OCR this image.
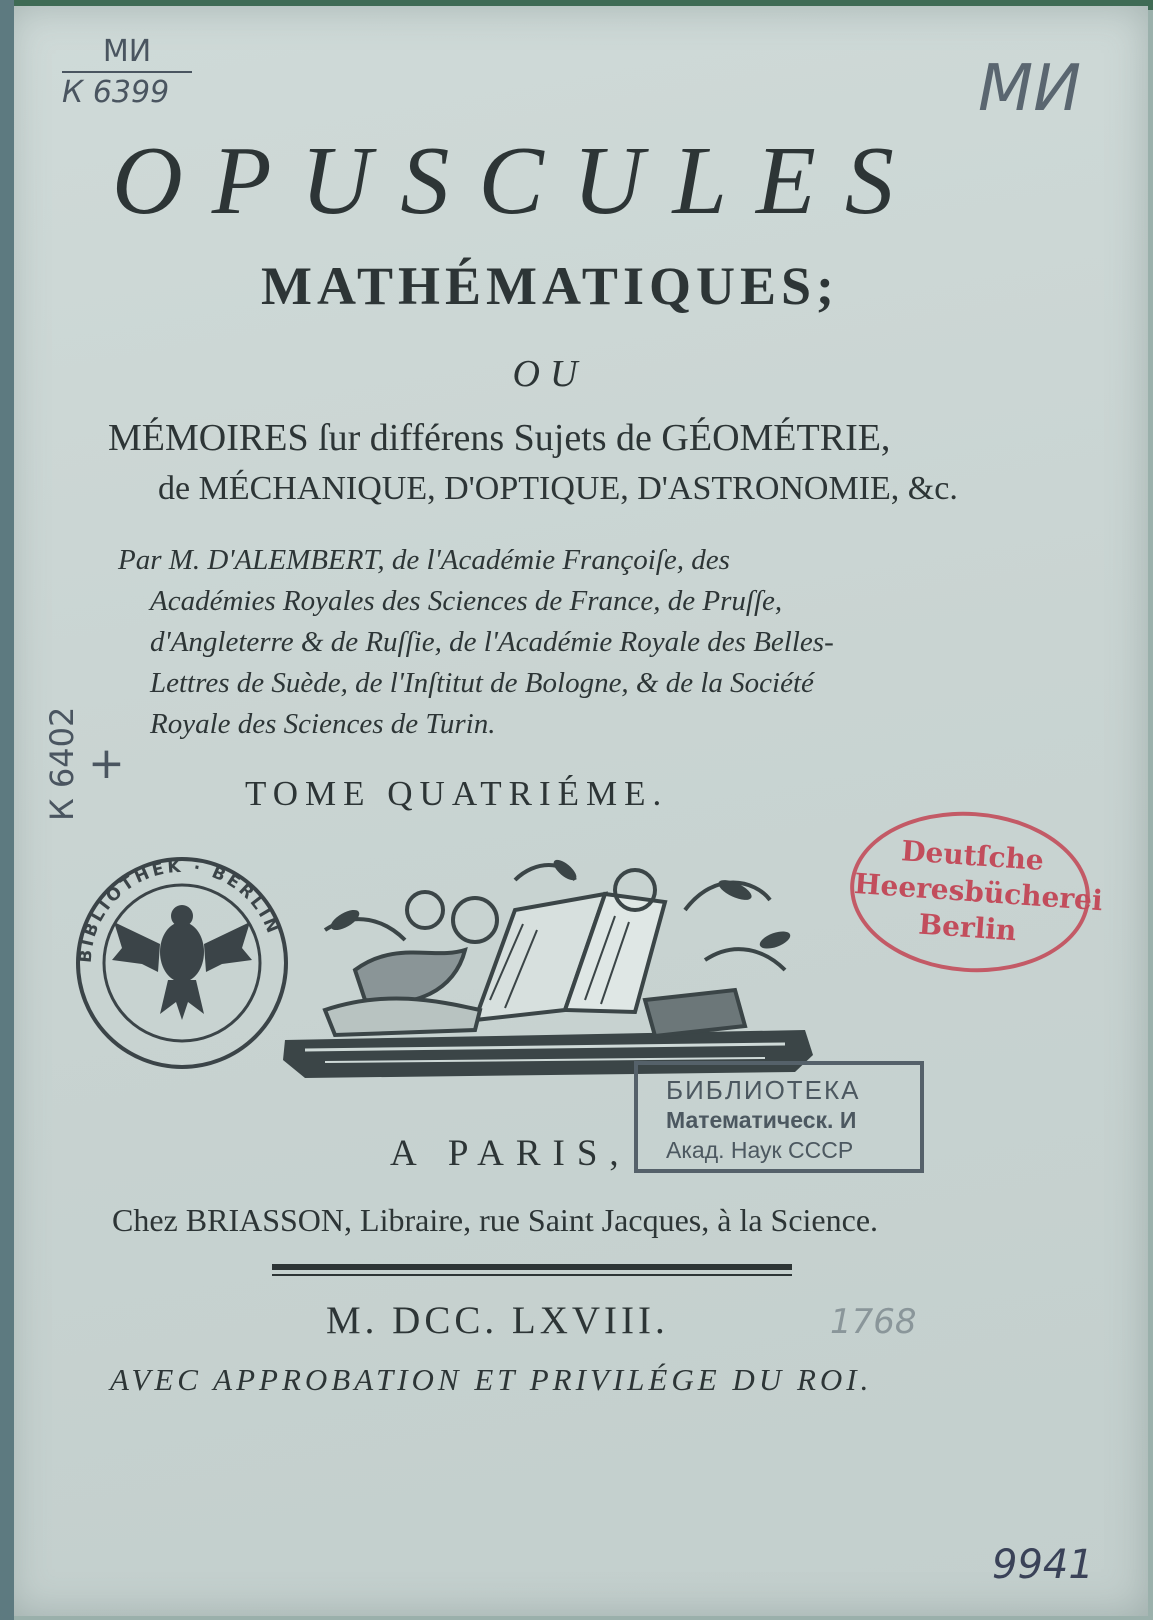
МИ
К 6399	МИ
К 6402 +
1768
9941
OPUSCULES
MATHÉMATIQUES;
OU
MÉMOIRES ſur différens Sujets de GÉOMÉTRIE,
de MÉCHANIQUE, D'OPTIQUE, D'ASTRONOMIE, &c.
Par M. D'ALEMBERT, de l'Académie Françoiſe, des
Académies Royales des Sciences de France, de Pruſſe,
d'Angleterre & de Ruſſie, de l'Académie Royale des Belles-
Lettres de Suède, de l'Inſtitut de Bologne, & de la Société
Royale des Sciences de Turin.
TOME QUATRIÉME.
BIBLIOTHEK · BERLIN
Deutſche
Heeresbücherei
Berlin
БИБЛИОТЕКА
Математическ. И
Акад. Наук СССР
A PARIS,
Chez BRIASSON, Libraire, rue Saint Jacques, à la Science.
M. DCC. LXVIII.
AVEC APPROBATION ET PRIVILÉGE DU ROI.
